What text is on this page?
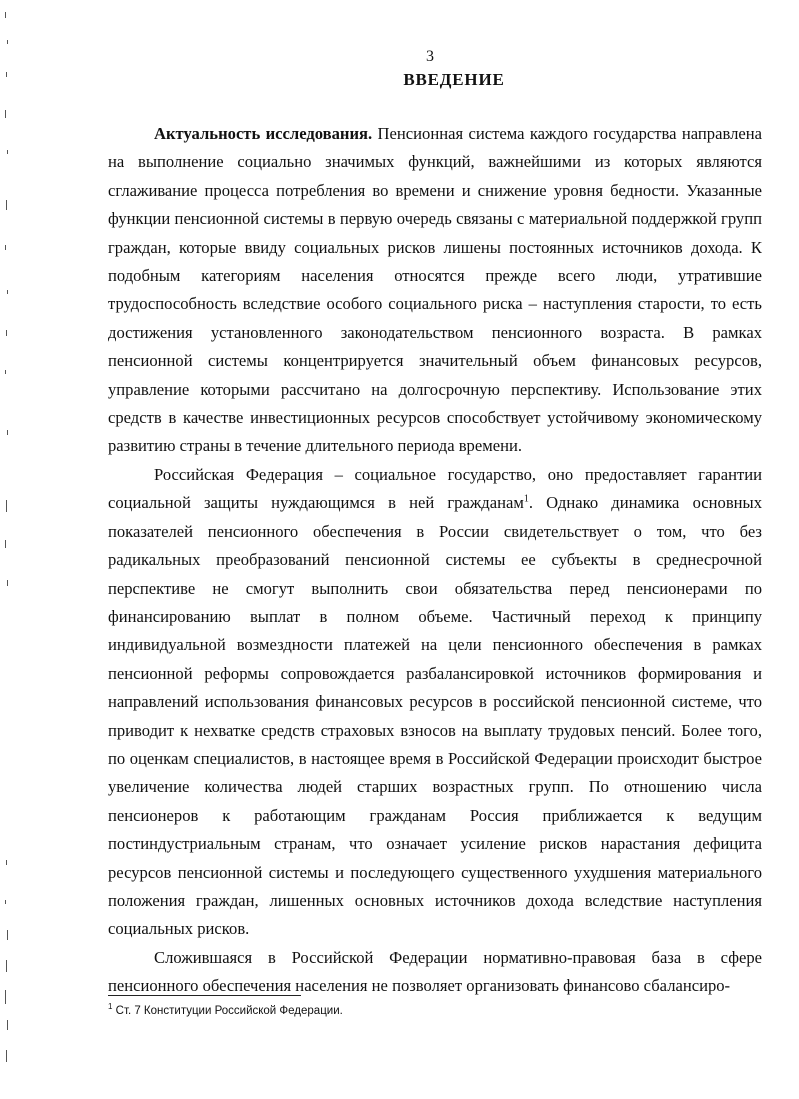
3
ВВЕДЕНИЕ

Актуальность исследования. Пенсионная система каждого государства направлена на выполнение социально значимых функций, важнейшими из которых являются сглаживание процесса потребления во времени и снижение уровня бедности. Указанные функции пенсионной системы в первую очередь связаны с материальной поддержкой групп граждан, которые ввиду социальных рисков лишены постоянных источников дохода. К подобным категориям населения относятся прежде всего люди, утратившие трудоспособность вследствие особого социального риска – наступления старости, то есть достижения установленного законодательством пенсионного возраста. В рамках пенсионной системы концентрируется значительный объем финансовых ресурсов, управление которыми рассчитано на долгосрочную перспективу. Использование этих средств в качестве инвестиционных ресурсов способствует устойчивому экономическому развитию страны в течение длительного периода времени.

Российская Федерация – социальное государство, оно предоставляет гарантии социальной защиты нуждающимся в ней гражданам$^1$. Однако динамика основных показателей пенсионного обеспечения в России свидетельствует о том, что без радикальных преобразований пенсионной системы ее субъекты в среднесрочной перспективе не смогут выполнить свои обязательства перед пенсионерами по финансированию выплат в полном объеме. Частичный переход к принципу индивидуальной возмездности платежей на цели пенсионного обеспечения в рамках пенсионной реформы сопровождается разбалансировкой источников формирования и направлений использования финансовых ресурсов в российской пенсионной системе, что приводит к нехватке средств страховых взносов на выплату трудовых пенсий. Более того, по оценкам специалистов, в настоящее время в Российской Федерации происходит быстрое увеличение количества людей старших возрастных групп. По отношению числа пенсионеров к работающим гражданам Россия приближается к ведущим постиндустриальным странам, что означает усиление рисков нарастания дефицита ресурсов пенсионной системы и последующего существенного ухудшения материального положения граждан, лишенных основных источников дохода вследствие наступления социальных рисков.

Сложившаяся в Российской Федерации нормативно-правовая база в сфере пенсионного обеспечения населения не позволяет организовать финансово сбалансиро-

$^1$ Ст. 7 Конституции Российской Федерации.
